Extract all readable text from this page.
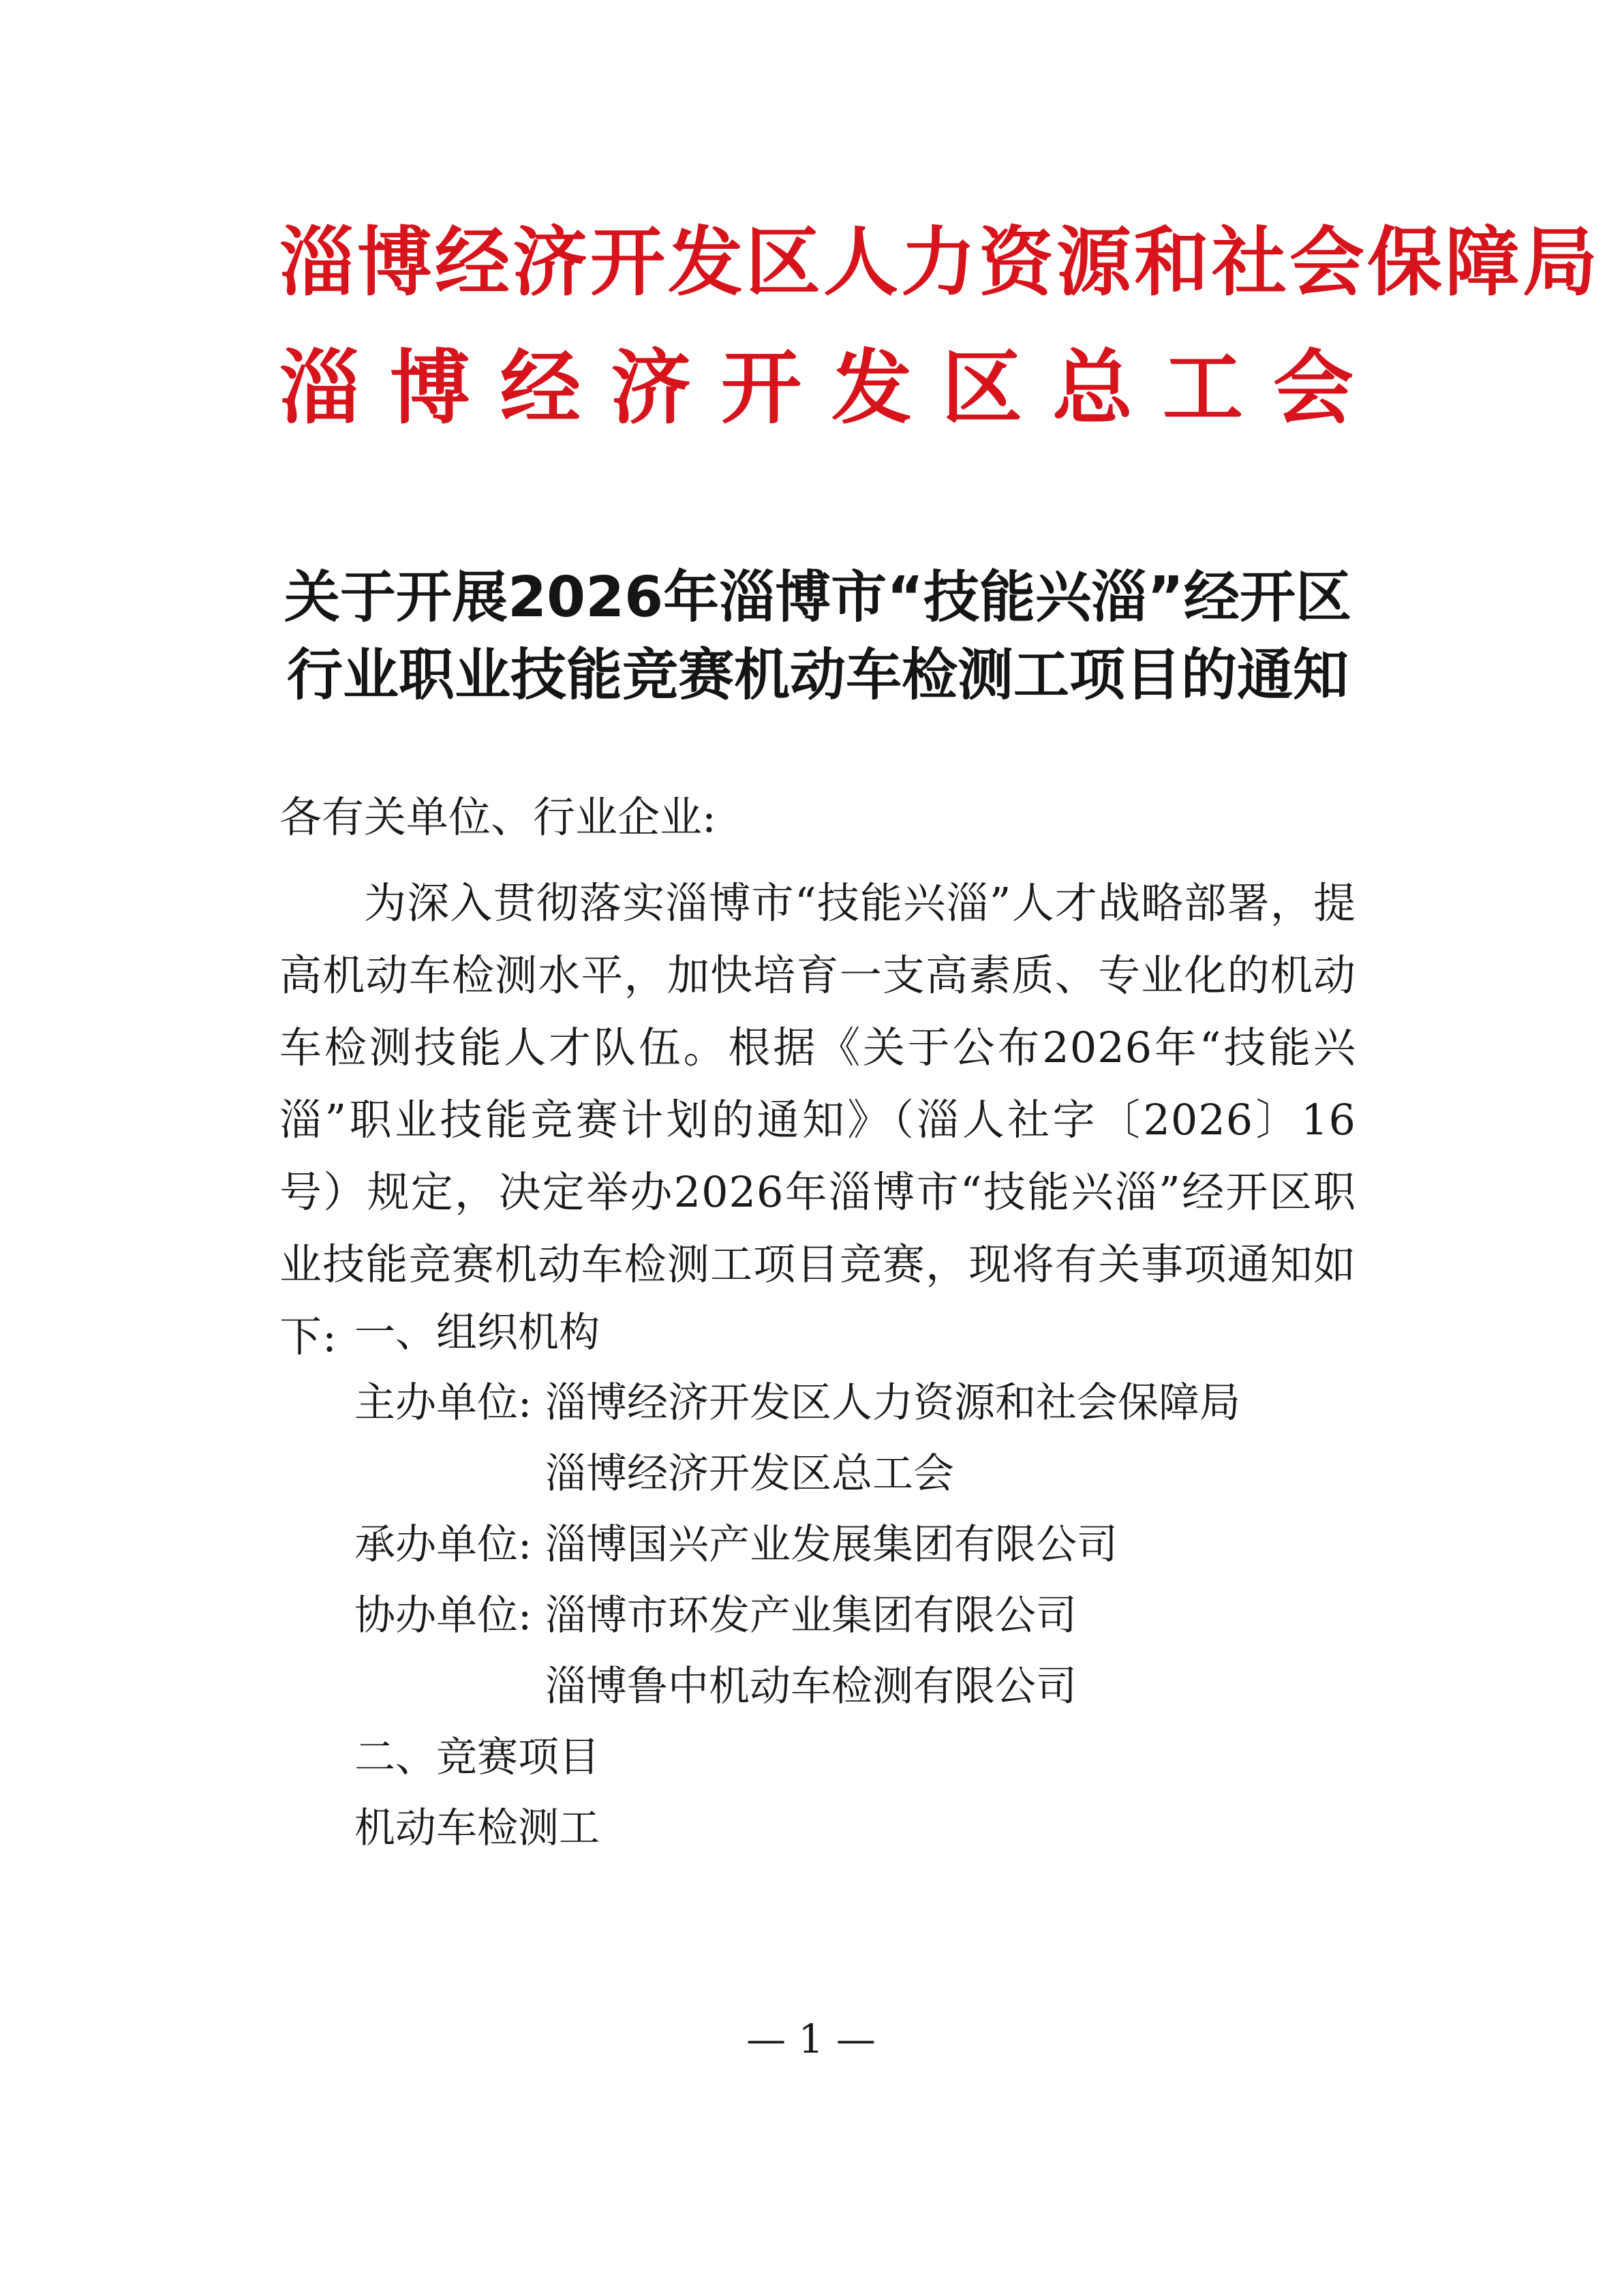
淄博经济开发区人力资源和社会保障局
淄博经济开发区总工会
关于开展2026年淄博市“技能兴淄”经开区
行业职业技能竞赛机动车检测工项目的通知
各有关单位、行业企业:
为深入贯彻落实淄博市“技能兴淄”人才战略部署，提高机动车检测水平，加快培育一支高素质、专业化的机动车检测技能人才队伍。根据《关于公布2026年“技能兴淄”职业技能竞赛计划的通知》（淄人社字〔2026〕16号）规定，决定举办2026年淄博市“技能兴淄”经开区职业技能竞赛机动车检测工项目竞赛，现将有关事项通知如下: 一、组织机构
主办单位: 淄博经济开发区人力资源和社会保障局
淄博经济开发区总工会
承办单位: 淄博国兴产业发展集团有限公司
协办单位: 淄博市环发产业集团有限公司
淄博鲁中机动车检测有限公司
二、竞赛项目
机动车检测工
— 1 —
